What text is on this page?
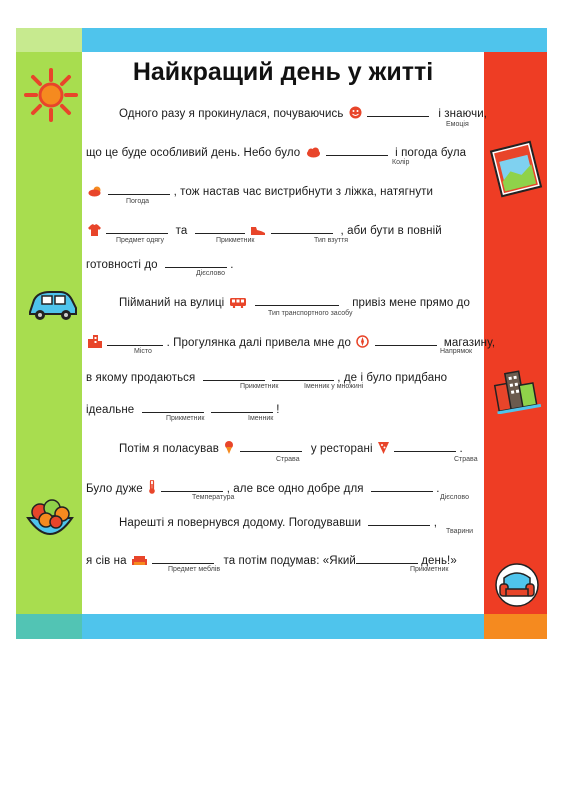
Найкращий день у житті
Одного разу я прокинулася, почуваючись	і знаючи,
Емоція
що це буде особливий день. Небо було	і погода була
Колір
, тож настав час вистрибнути з ліжка, натягнути
Погода
та	, аби бути в повній
Предмет одягу	Прикметник	Тип взуття
готовності до	.
Дієслово
Пійманий на вулиці	привіз мене прямо до
Тип транспортного засобу
. Прогулянка далі привела мне до	магазину,
Місто	Напрямок
в якому продаються	, де і було придбано
Прикметник	Іменник у множині
ідеальне	!
Прикметник	Іменник
Потім я поласував	у ресторані	.
Страва	Страва
Було дуже	, але все одно добре для	.
Температура	Дієслово
Нарешті я повернувся додому. Погодувавши	,
Тварини
я сів на	та потім подумав: «Який	день!»
Предмет меблів	Прикметник
